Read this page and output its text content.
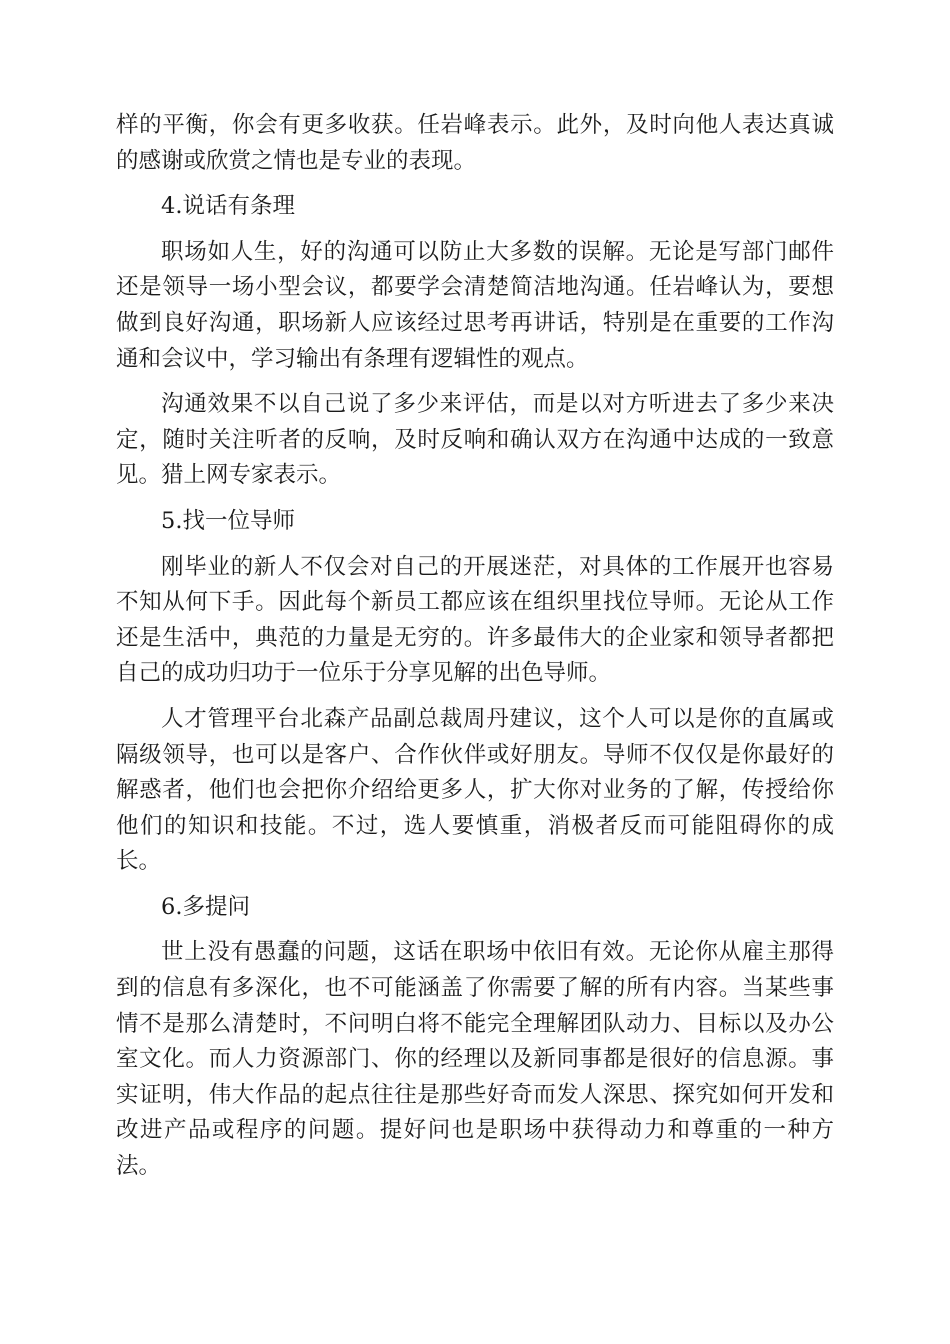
样的平衡，你会有更多收获。任岩峰表示。此外，及时向他人表达真诚的感谢或欣赏之情也是专业的表现。

4.说话有条理

职场如人生，好的沟通可以防止大多数的误解。无论是写部门邮件还是领导一场小型会议，都要学会清楚简洁地沟通。任岩峰认为，要想做到良好沟通，职场新人应该经过思考再讲话，特别是在重要的工作沟通和会议中，学习输出有条理有逻辑性的观点。

沟通效果不以自己说了多少来评估，而是以对方听进去了多少来决定，随时关注听者的反响，及时反响和确认双方在沟通中达成的一致意见。猎上网专家表示。

5.找一位导师

刚毕业的新人不仅会对自己的开展迷茫，对具体的工作展开也容易不知从何下手。因此每个新员工都应该在组织里找位导师。无论从工作还是生活中，典范的力量是无穷的。许多最伟大的企业家和领导者都把自己的成功归功于一位乐于分享见解的出色导师。

人才管理平台北森产品副总裁周丹建议，这个人可以是你的直属或隔级领导，也可以是客户、合作伙伴或好朋友。导师不仅仅是你最好的解惑者，他们也会把你介绍给更多人，扩大你对业务的了解，传授给你他们的知识和技能。不过，选人要慎重，消极者反而可能阻碍你的成长。

6.多提问

世上没有愚蠢的问题，这话在职场中依旧有效。无论你从雇主那得到的信息有多深化，也不可能涵盖了你需要了解的所有内容。当某些事情不是那么清楚时，不问明白将不能完全理解团队动力、目标以及办公室文化。而人力资源部门、你的经理以及新同事都是很好的信息源。事实证明，伟大作品的起点往往是那些好奇而发人深思、探究如何开发和改进产品或程序的问题。提好问也是职场中获得动力和尊重的一种方法。
